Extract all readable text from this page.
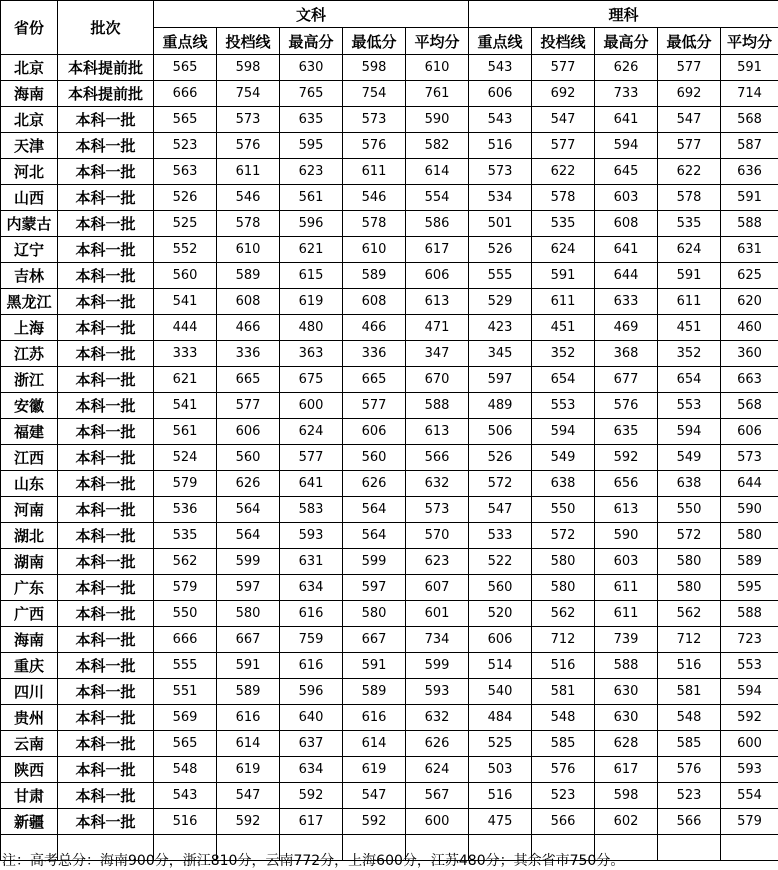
省份	批次	文科					理科				
		重点线	投档线	最高分	最低分	平均分	重点线	投档线	最高分	最低分	平均分
北京	本科提前批	565	598	630	598	610	543	577	626	577	591
海南	本科提前批	666	754	765	754	761	606	692	733	692	714
北京	本科一批	565	573	635	573	590	543	547	641	547	568
天津	本科一批	523	576	595	576	582	516	577	594	577	587
河北	本科一批	563	611	623	611	614	573	622	645	622	636
山西	本科一批	526	546	561	546	554	534	578	603	578	591
内蒙古	本科一批	525	578	596	578	586	501	535	608	535	588
辽宁	本科一批	552	610	621	610	617	526	624	641	624	631
吉林	本科一批	560	589	615	589	606	555	591	644	591	625
黑龙江	本科一批	541	608	619	608	613	529	611	633	611	620
上海	本科一批	444	466	480	466	471	423	451	469	451	460
江苏	本科一批	333	336	363	336	347	345	352	368	352	360
浙江	本科一批	621	665	675	665	670	597	654	677	654	663
安徽	本科一批	541	577	600	577	588	489	553	576	553	568
福建	本科一批	561	606	624	606	613	506	594	635	594	606
江西	本科一批	524	560	577	560	566	526	549	592	549	573
山东	本科一批	579	626	641	626	632	572	638	656	638	644
河南	本科一批	536	564	583	564	573	547	550	613	550	590
湖北	本科一批	535	564	593	564	570	533	572	590	572	580
湖南	本科一批	562	599	631	599	623	522	580	603	580	589
广东	本科一批	579	597	634	597	607	560	580	611	580	595
广西	本科一批	550	580	616	580	601	520	562	611	562	588
海南	本科一批	666	667	759	667	734	606	712	739	712	723
重庆	本科一批	555	591	616	591	599	514	516	588	516	553
四川	本科一批	551	589	596	589	593	540	581	630	581	594
贵州	本科一批	569	616	640	616	632	484	548	630	548	592
云南	本科一批	565	614	637	614	626	525	585	628	585	600
陕西	本科一批	548	619	634	619	624	503	576	617	576	593
甘肃	本科一批	543	547	592	547	567	516	523	598	523	554
新疆	本科一批	516	592	617	592	600	475	566	602	566	579

注：高考总分：海南900分，浙江810分，云南772分，上海600分，江苏480分；其余省市750分。
